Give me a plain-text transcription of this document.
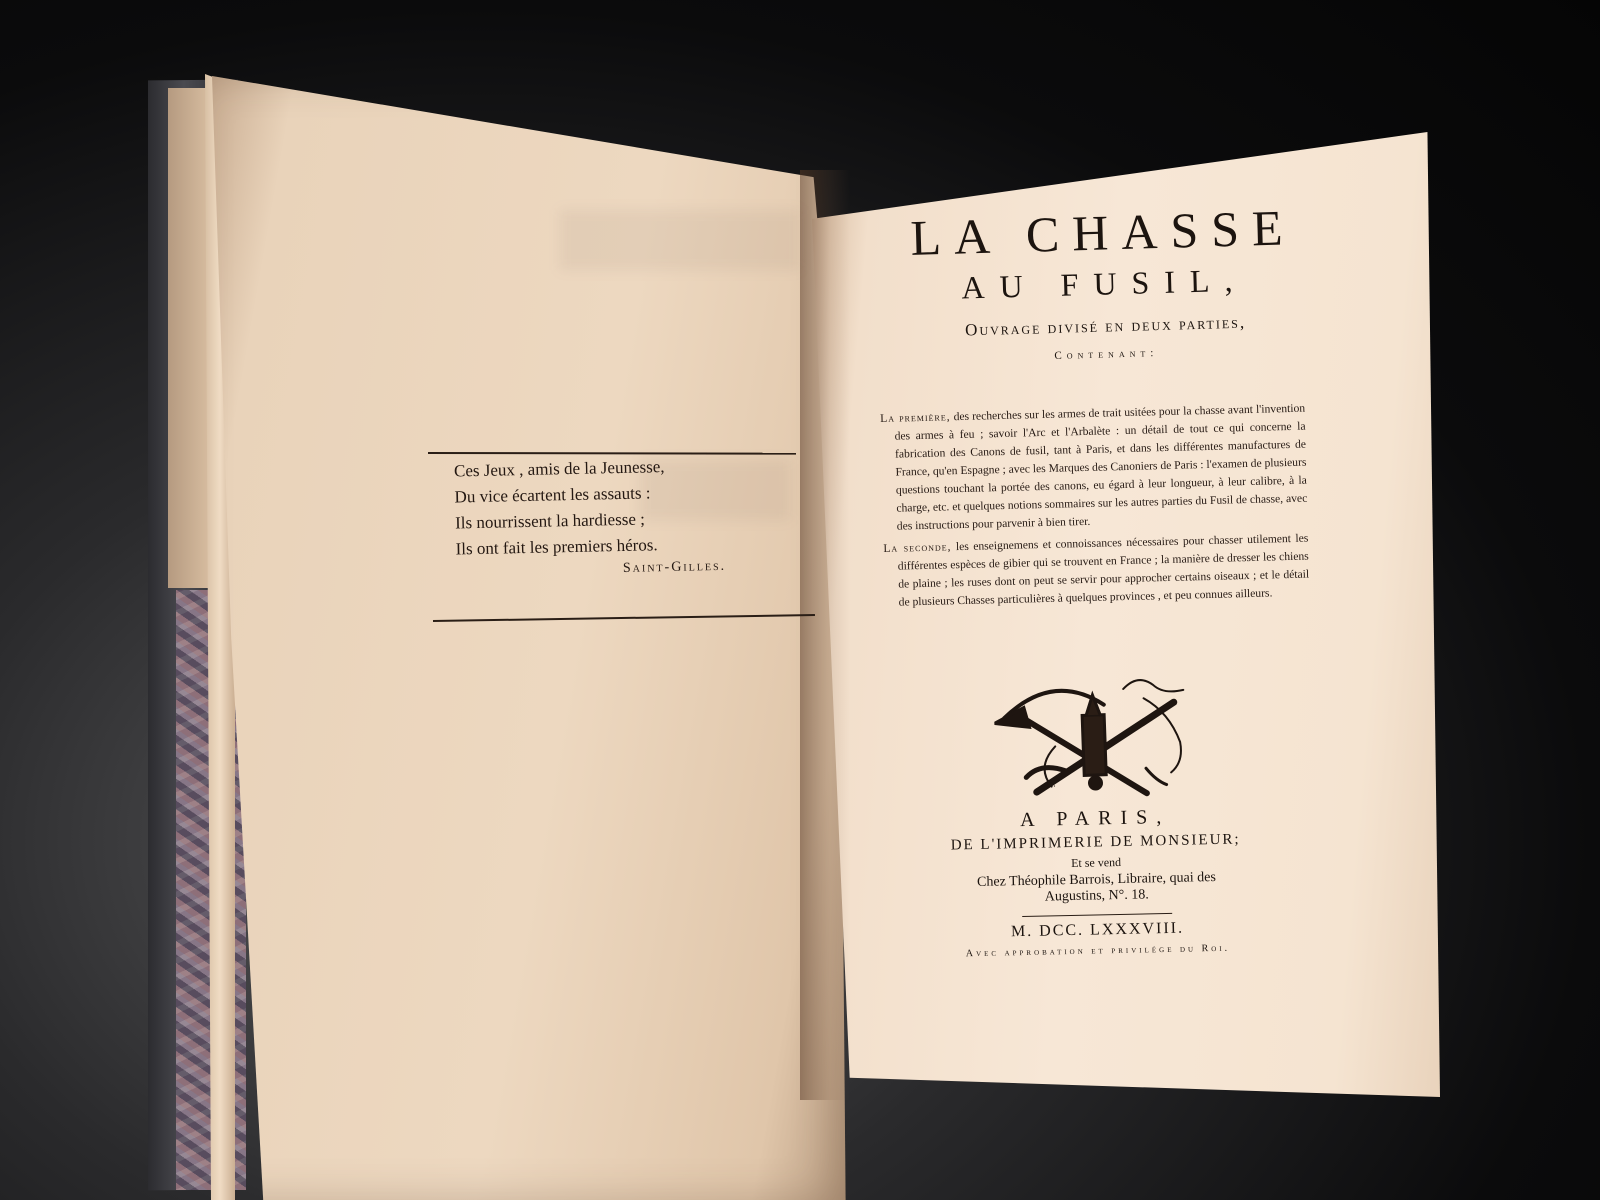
Ces Jeux , amis de la Jeunesse,

Du vice écartent les assauts :

Ils nourrissent la hardiesse ;

Ils ont fait les premiers héros.

Saint-Gilles.
LA CHASSE
AU FUSIL,
Ouvrage divisé en deux parties,
Contenant:

La première, des recherches sur les armes de trait usitées pour la chasse avant l'invention des armes à feu ; savoir l'Arc et l'Arbalète : un détail de tout ce qui concerne la fabrication des Canons de fusil, tant à Paris, et dans les différentes manufactures de France, qu'en Espagne ; avec les Marques des Canoniers de Paris : l'examen de plusieurs questions touchant la portée des canons, eu égard à leur longueur, à leur calibre, à la charge, etc. et quelques notions sommaires sur les autres parties du Fusil de chasse, avec des instructions pour parvenir à bien tirer.

La seconde, les enseignemens et connoissances nécessaires pour chasser utilement les différentes espèces de gibier qui se trouvent en France ; la manière de dresser les chiens de plaine ; les ruses dont on peut se servir pour approcher certains oiseaux ; et le détail de plusieurs Chasses particulières à quelques provinces , et peu connues ailleurs.

B.
A PARIS,
DE L'IMPRIMERIE DE MONSIEUR;
Et se vend
Chez Théophile Barrois, Libraire, quai des
Augustins, N°. 18.
M. DCC. LXXXVIII.
Avec approbation et privilége du Roi.
